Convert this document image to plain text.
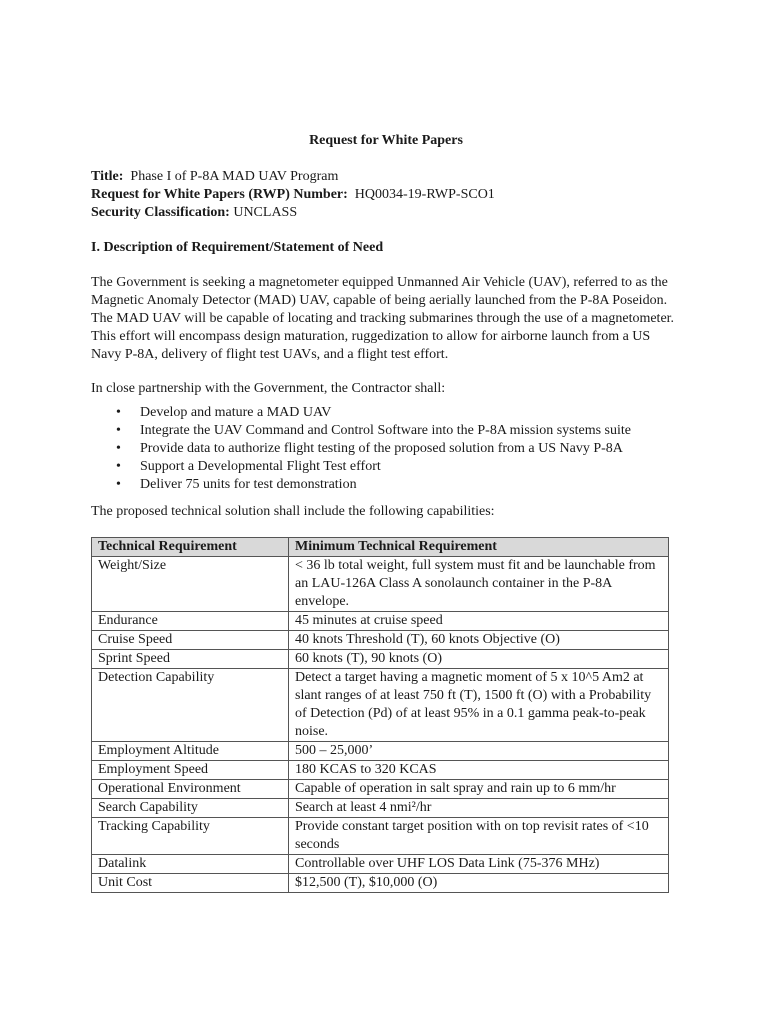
Request for White Papers
Title: Phase I of P-8A MAD UAV Program
Request for White Papers (RWP) Number: HQ0034-19-RWP-SCO1
Security Classification: UNCLASS
I. Description of Requirement/Statement of Need
The Government is seeking a magnetometer equipped Unmanned Air Vehicle (UAV), referred to as the Magnetic Anomaly Detector (MAD) UAV, capable of being aerially launched from the P-8A Poseidon. The MAD UAV will be capable of locating and tracking submarines through the use of a magnetometer. This effort will encompass design maturation, ruggedization to allow for airborne launch from a US Navy P-8A, delivery of flight test UAVs, and a flight test effort.
In close partnership with the Government, the Contractor shall:
• Develop and mature a MAD UAV
• Integrate the UAV Command and Control Software into the P-8A mission systems suite
• Provide data to authorize flight testing of the proposed solution from a US Navy P-8A
• Support a Developmental Flight Test effort
• Deliver 75 units for test demonstration
The proposed technical solution shall include the following capabilities:
Technical Requirement	Minimum Technical Requirement
Weight/Size	< 36 lb total weight, full system must fit and be launchable from an LAU-126A Class A sonolaunch container in the P-8A envelope.
Endurance	45 minutes at cruise speed
Cruise Speed	40 knots Threshold (T), 60 knots Objective (O)
Sprint Speed	60 knots (T), 90 knots (O)
Detection Capability	Detect a target having a magnetic moment of 5 x 10^5 Am2 at slant ranges of at least 750 ft (T), 1500 ft (O) with a Probability of Detection (Pd) of at least 95% in a 0.1 gamma peak-to-peak noise.
Employment Altitude	500 – 25,000’
Employment Speed	180 KCAS to 320 KCAS
Operational Environment	Capable of operation in salt spray and rain up to 6 mm/hr
Search Capability	Search at least 4 nmi²/hr
Tracking Capability	Provide constant target position with on top revisit rates of <10 seconds
Datalink	Controllable over UHF LOS Data Link (75-376 MHz)
Unit Cost	$12,500 (T), $10,000 (O)
